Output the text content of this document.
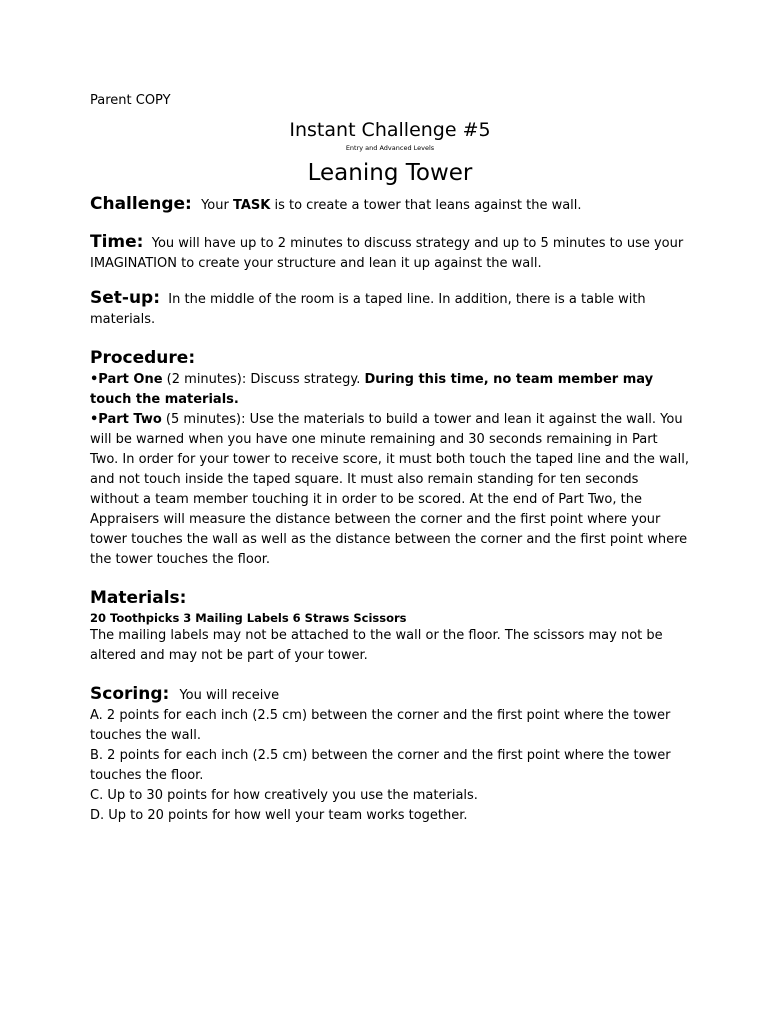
Parent COPY
Instant Challenge #5
Entry and Advanced Levels
Leaning Tower
Challenge: Your TASK is to create a tower that leans against the wall.

Time: You will have up to 2 minutes to discuss strategy and up to 5 minutes to use your IMAGINATION to create your structure and lean it up against the wall.

Set-up: In the middle of the room is a taped line. In addition, there is a table with materials.

Procedure:

•Part One (2 minutes): Discuss strategy. During this time, no team member may touch the materials.

•Part Two (5 minutes): Use the materials to build a tower and lean it against the wall. You will be warned when you have one minute remaining and 30 seconds remaining in Part Two. In order for your tower to receive score, it must both touch the taped line and the wall, and not touch inside the taped square. It must also remain standing for ten seconds without a team member touching it in order to be scored. At the end of Part Two, the Appraisers will measure the distance between the corner and the first point where your tower touches the wall as well as the distance between the corner and the first point where the tower touches the floor.

Materials:
20 Toothpicks 3 Mailing Labels 6 Straws Scissors

The mailing labels may not be attached to the wall or the floor. The scissors may not be altered and may not be part of your tower.

Scoring: You will receive

A. 2 points for each inch (2.5 cm) between the corner and the first point where the tower touches the wall.

B. 2 points for each inch (2.5 cm) between the corner and the first point where the tower touches the floor.

C. Up to 30 points for how creatively you use the materials.

D. Up to 20 points for how well your team works together.
